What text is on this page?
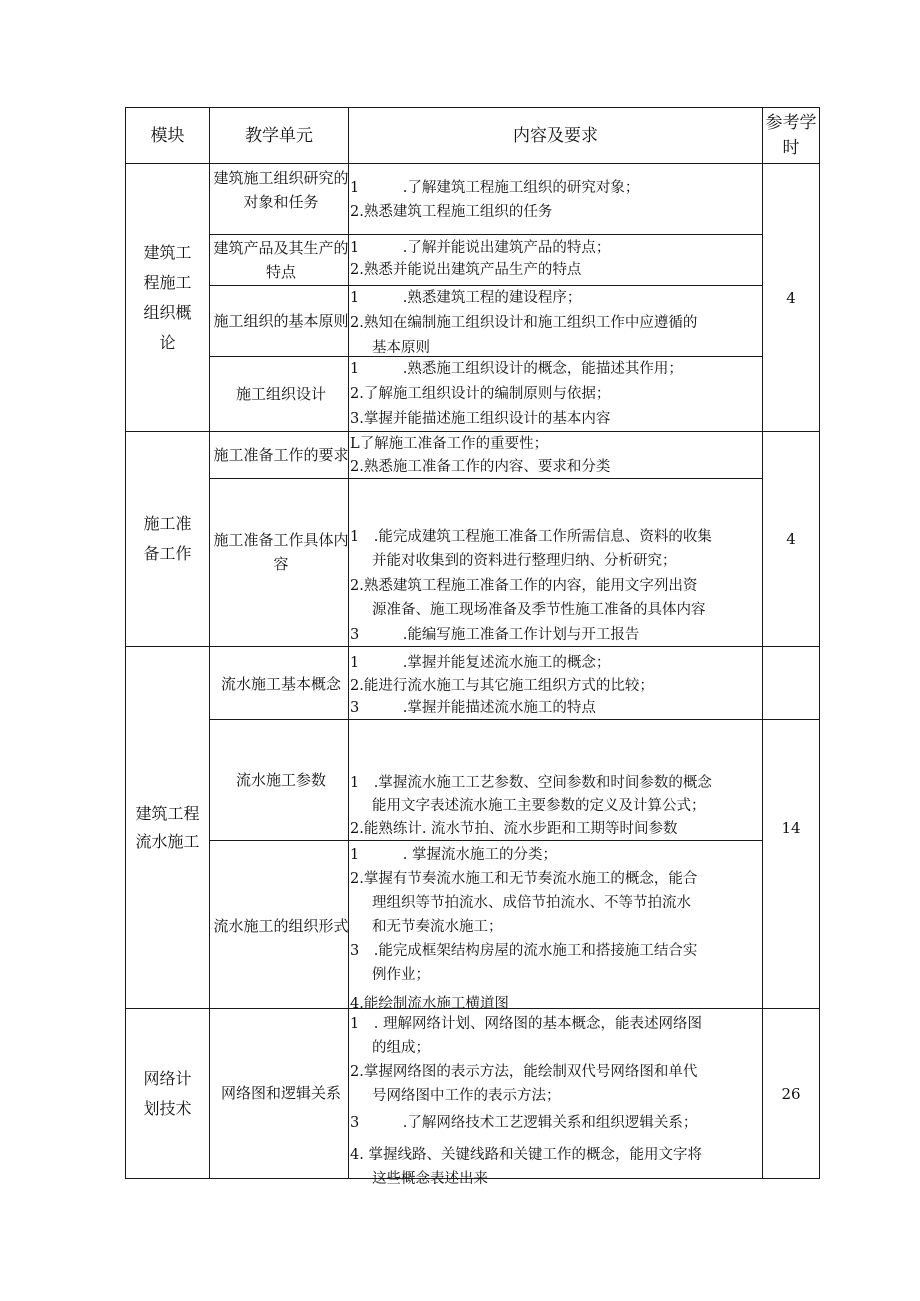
模块	教学单元	内容及要求
参考学
时
建筑工程施工组织概论
施工准备工作
建筑工程流水施工
网络计划技术
4
4
14
26
建筑施工组织研究的对象和任务
建筑产品及其生产的特点
施工组织的基本原则
施工组织设计
施工准备工作的要求
施工准备工作具体内容
流水施工基本概念
流水施工参数
流水施工的组织形式
网络图和逻辑关系
1　　　.了解建筑工程施工组织的研究对象；
2.熟悉建筑工程施工组织的任务
1　　　.了解并能说出建筑产品的特点；
2.熟悉并能说出建筑产品生产的特点
1　　　.熟悉建筑工程的建设程序；
2.熟知在编制施工组织设计和施工组织工作中应遵循的
基本原则
1　　　.熟悉施工组织设计的概念，能描述其作用；
2.了解施工组织设计的编制原则与依据；
3.掌握并能描述施工组织设计的基本内容
L了解施工准备工作的重要性；
2.熟悉施工准备工作的内容、要求和分类
1　.能完成建筑工程施工准备工作所需信息、资料的收集
并能对收集到的资料进行整理归纳、分析研究；
2.熟悉建筑工程施工准备工作的内容，能用文字列出资
源准备、施工现场准备及季节性施工准备的具体内容
3　　　.能编写施工准备工作计划与开工报告
1　　　.掌握并能复述流水施工的概念；
2.能进行流水施工与其它施工组织方式的比较；
3　　　.掌握并能描述流水施工的特点
1　.掌握流水施工工艺参数、空间参数和时间参数的概念
能用文字表述流水施工主要参数的定义及计算公式；
2.能熟练计. 流水节拍、流水步距和工期等时间参数
1　　　. 掌握流水施工的分类；
2.掌握有节奏流水施工和无节奏流水施工的概念，能合
理组织等节拍流水、成倍节拍流水、不等节拍流水
和无节奏流水施工；
3　.能完成框架结构房屋的流水施工和搭接施工结合实
例作业；
4.能绘制流水施工横道图
1　. 理解网络计划、网络图的基本概念，能表述网络图
的组成；
2.掌握网络图的表示方法，能绘制双代号网络图和单代
号网络图中工作的表示方法；
3　　　.了解网络技术工艺逻辑关系和组织逻辑关系；
4. 掌握线路、关键线路和关键工作的概念，能用文字将
这些概念表述出来
